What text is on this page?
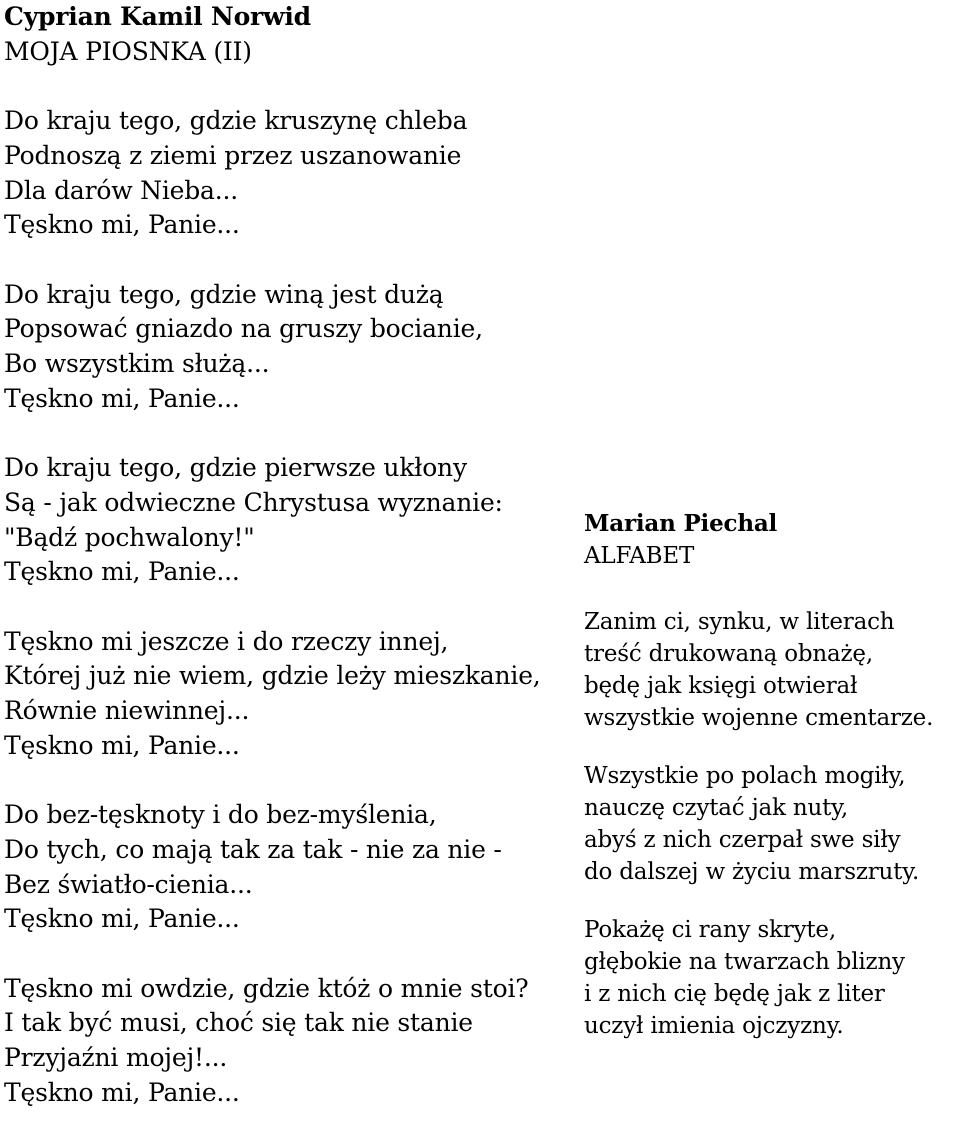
Cyprian Kamil Norwid

MOJA PIOSNKA (II)

Do kraju tego, gdzie kruszynę chleba
Podnoszą z ziemi przez uszanowanie
Dla darów Nieba...
Tęskno mi, Panie...

Do kraju tego, gdzie winą jest dużą
Popsować gniazdo na gruszy bocianie,
Bo wszystkim służą...
Tęskno mi, Panie...

Do kraju tego, gdzie pierwsze ukłony
Są - jak odwieczne Chrystusa wyznanie:
"Bądź pochwalony!"
Tęskno mi, Panie...

Tęskno mi jeszcze i do rzeczy innej,
Której już nie wiem, gdzie leży mieszkanie,
Równie niewinnej...
Tęskno mi, Panie...

Do bez-tęsknoty i do bez-myślenia,
Do tych, co mają tak za tak - nie za nie -
Bez światło-cienia...
Tęskno mi, Panie...

Tęskno mi owdzie, gdzie któż o mnie stoi?
I tak być musi, choć się tak nie stanie
Przyjaźni mojej!...
Tęskno mi, Panie...

Marian Piechal

ALFABET

Zanim ci, synku, w literach
treść drukowaną obnażę,
będę jak księgi otwierał
wszystkie wojenne cmentarze.

Wszystkie po polach mogiły,
nauczę czytać jak nuty,
abyś z nich czerpał swe siły
do dalszej w życiu marszruty.

Pokażę ci rany skryte,
głębokie na twarzach blizny
i z nich cię będę jak z liter
uczył imienia ojczyzny.
